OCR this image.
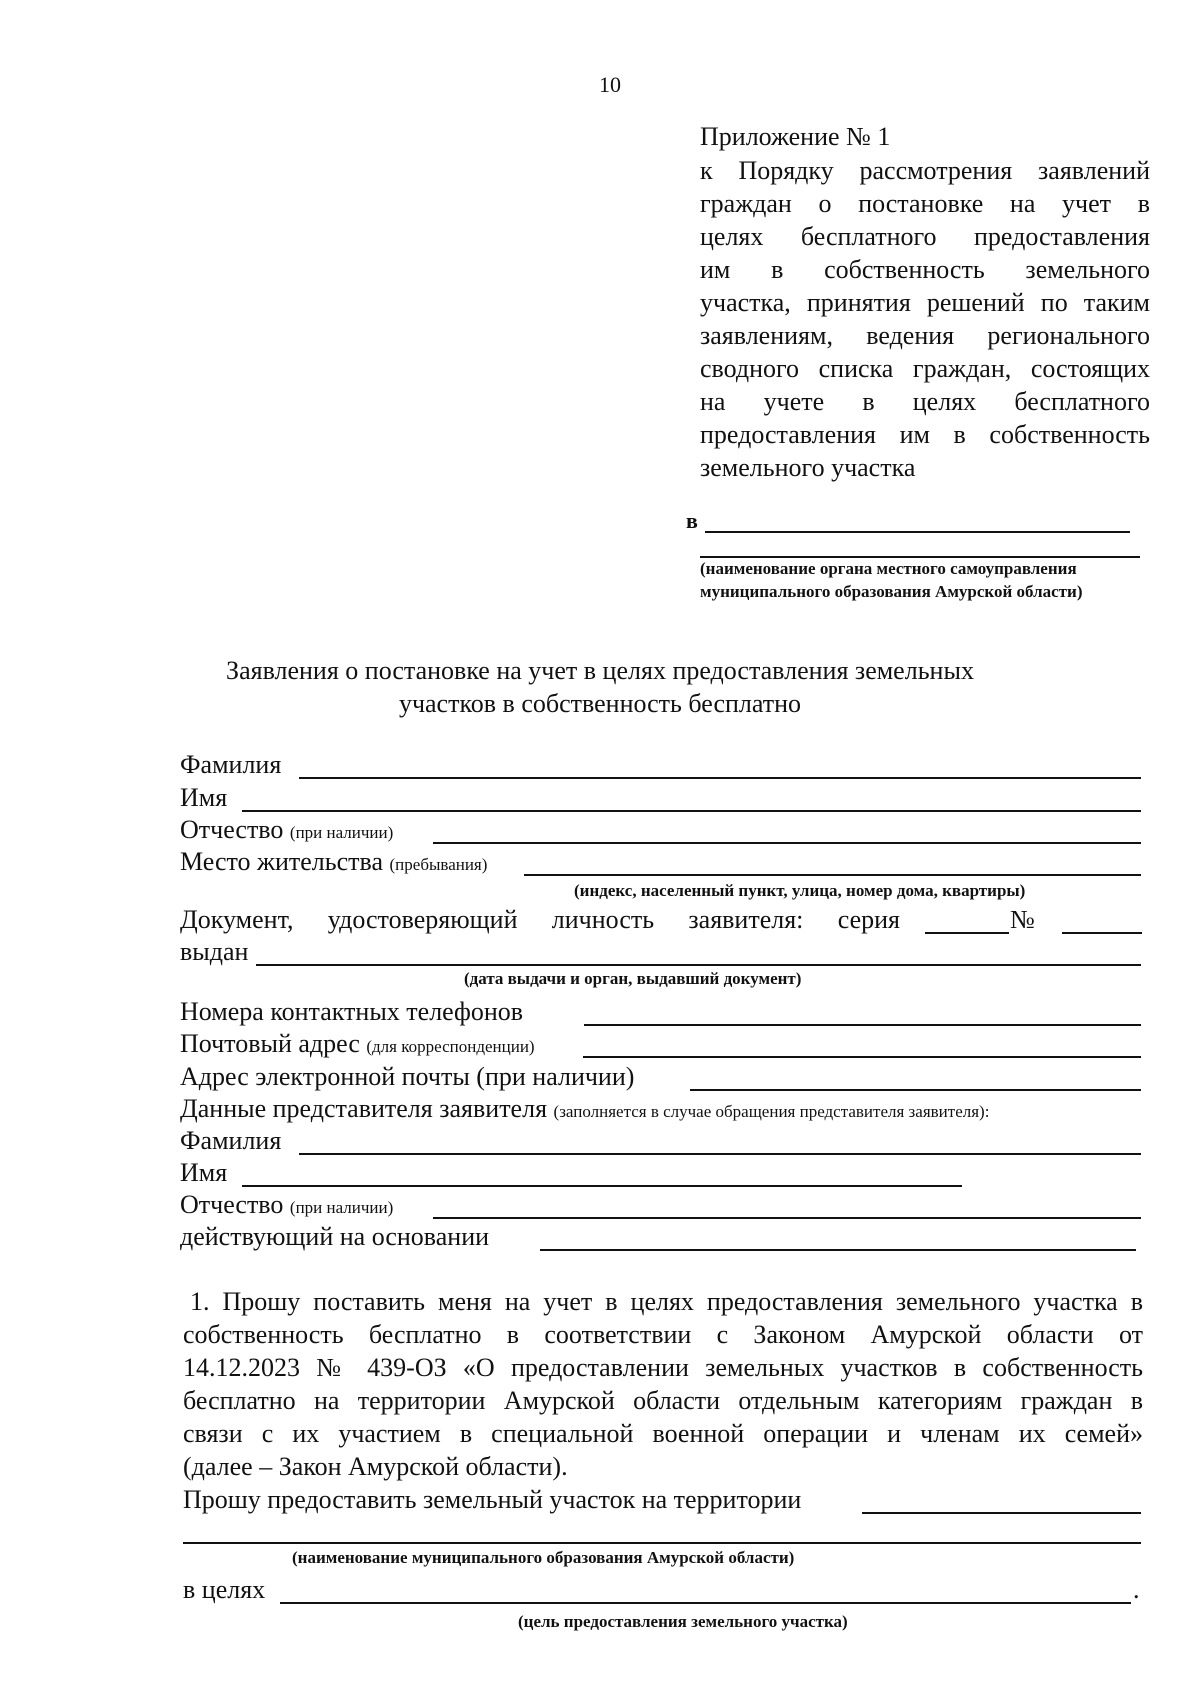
10
Приложение № 1
к Порядку рассмотрения заявлений
граждан о постановке на учет в
целях бесплатного предоставления
им в собственность земельного
участка, принятия решений по таким
заявлениям, ведения регионального
сводного списка граждан, состоящих
на учете в целях бесплатного
предоставления им в собственность
земельного участка
в
(наименование органа местного самоуправления
муниципального образования Амурской области)
Заявления о постановке на учет в целях предоставления земельных
участков в собственность бесплатно
Фамилия
Имя
Отчество (при наличии)
Место жительства (пребывания)
(индекс, населенный пункт, улица, номер дома, квартиры)
Документ, удостоверяющий личность заявителя: серия	№
выдан
(дата выдачи и орган, выдавший документ)
Номера контактных телефонов
Почтовый адрес (для корреспонденции)
Адрес электронной почты (при наличии)
Данные представителя заявителя (заполняется в случае обращения представителя заявителя):
Фамилия
Имя
Отчество (при наличии)
действующий на основании
1. Прошу поставить меня на учет в целях предоставления земельного участка в
собственность бесплатно в соответствии с Законом Амурской области от
14.12.2023 № 439-ОЗ «О предоставлении земельных участков в собственность
бесплатно на территории Амурской области отдельным категориям граждан в
связи с их участием в специальной военной операции и членам их семей»
(далее – Закон Амурской области).
Прошу предоставить земельный участок на территории
(наименование муниципального образования Амурской области)
в целях	.
(цель предоставления земельного участка)
